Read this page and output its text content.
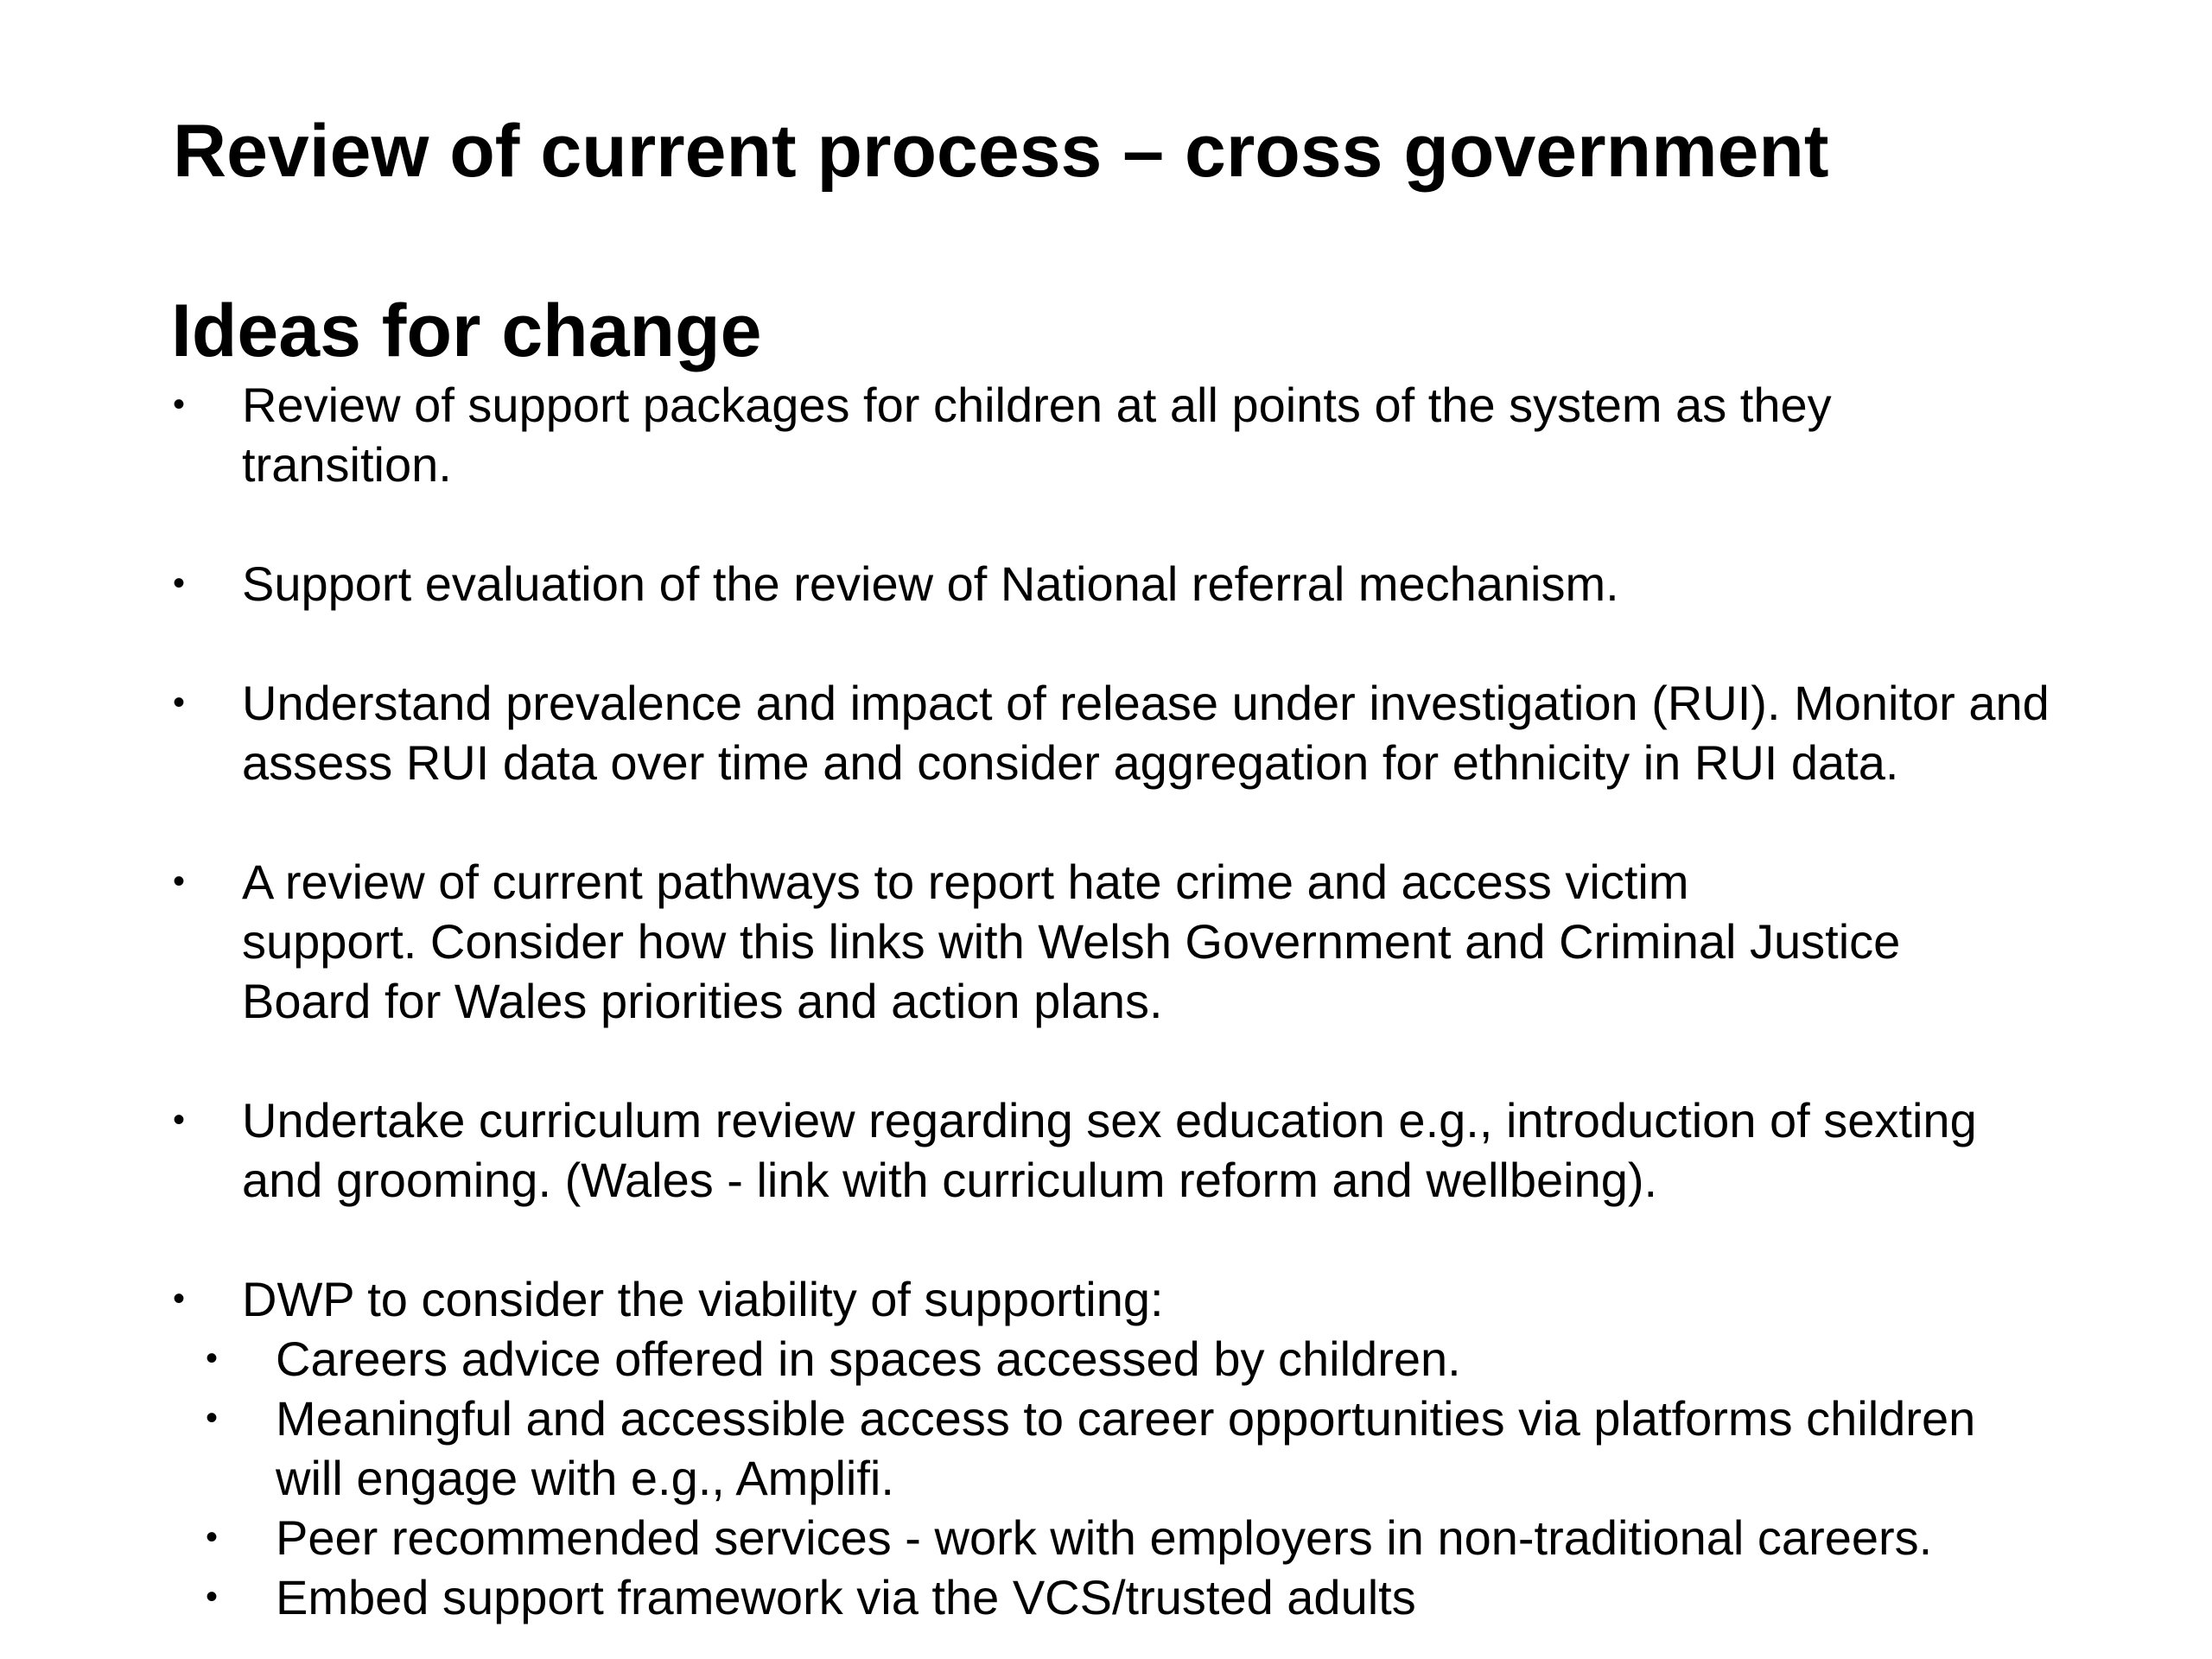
Review of current process – cross government
Ideas for change
• Review of support packages for children at all points of the system as they
transition.
• Support evaluation of the review of National referral mechanism.
• Understand prevalence and impact of release under investigation (RUI). Monitor and
assess RUI data over time and consider aggregation for ethnicity in RUI data.
• A review of current pathways to report hate crime and access victim
support. Consider how this links with Welsh Government and Criminal Justice
Board for Wales priorities and action plans.
• Undertake curriculum review regarding sex education e.g., introduction of sexting
and grooming. (Wales - link with curriculum reform and wellbeing).
• DWP to consider the viability of supporting:
• Careers advice offered in spaces accessed by children.
• Meaningful and accessible access to career opportunities via platforms children
will engage with e.g., Amplifi.
• Peer recommended services - work with employers in non-traditional careers.
• Embed support framework via the VCS/trusted adults
